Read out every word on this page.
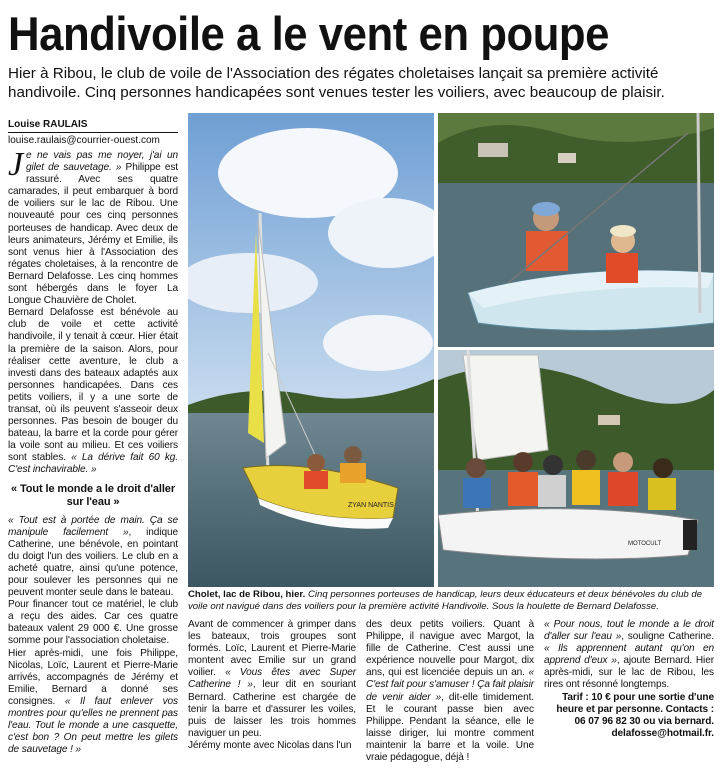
Handivoile a le vent en poupe

Hier à Ribou, le club de voile de l'Association des régates choletaises lançait sa première activité handivoile. Cinq personnes handicapées sont venues tester les voiliers, avec beaucoup de plaisir.

Louise RAULAIS
louise.raulais@courrier-ouest.com

Je ne vais pas me noyer, j'ai un gilet de sauvetage. » Philippe est rassuré. Avec ses quatre camarades, il peut embarquer à bord de voiliers sur le lac de Ribou. Une nouveauté pour ces cinq personnes porteuses de handicap. Avec deux de leurs animateurs, Jérémy et Emilie, ils sont venus hier à l'Association des régates choletaises, à la rencontre de Bernard Delafosse. Les cinq hommes sont hébergés dans le foyer La Longue Chauvière de Cholet.

Bernard Delafosse est bénévole au club de voile et cette activité handivoile, il y tenait à cœur. Hier était la première de la saison. Alors, pour réaliser cette aventure, le club a investi dans des bateaux adaptés aux personnes handicapées. Dans ces petits voiliers, il y a une sorte de transat, où ils peuvent s'asseoir deux personnes. Pas besoin de bouger du bateau, la barre et la corde pour gérer la voile sont au milieu. Et ces voiliers sont stables. « La dérive fait 60 kg. C'est inchavirable. »

« Tout le monde a le droit d'aller sur l'eau »

« Tout est à portée de main. Ça se manipule facilement », indique Catherine, une bénévole, en pointant du doigt l'un des voiliers. Le club en a acheté quatre, ainsi qu'une potence, pour soulever les personnes qui ne peuvent monter seule dans le bateau.

Pour financer tout ce matériel, le club a reçu des aides. Car ces quatre bateaux valent 29 000 €. Une grosse somme pour l'association choletaise.

Hier après-midi, une fois Philippe, Nicolas, Loïc, Laurent et Pierre-Marie arrivés, accompagnés de Jérémy et Emilie, Bernard a donné ses consignes. « Il faut enlever vos montres pour qu'elles ne prennent pas l'eau. Tout le monde a une casquette, c'est bon ? On peut mettre les gilets de sauvetage ! »

ZYAN NANTIS
MOTOCULT
Cholet, lac de Ribou, hier. Cinq personnes porteuses de handicap, leurs deux éducateurs et deux bénévoles du club de voile ont navigué dans des voiliers pour la première activité Handivoile. Sous la houlette de Bernard Delafosse.

Avant de commencer à grimper dans les bateaux, trois groupes sont formés. Loïc, Laurent et Pierre-Marie montent avec Emilie sur un grand voilier. « Vous êtes avec Super Catherine ! », leur dit en souriant Bernard. Catherine est chargée de tenir la barre et d'assurer les voiles, puis de laisser les trois hommes naviguer un peu.

Jérémy monte avec Nicolas dans l'un

des deux petits voiliers. Quant à Philippe, il navigue avec Margot, la fille de Catherine. C'est aussi une expérience nouvelle pour Margot, dix ans, qui est licenciée depuis un an. « C'est fait pour s'amuser ! Ça fait plaisir de venir aider », dit-elle timidement. Et le courant passe bien avec Philippe. Pendant la séance, elle le laisse diriger, lui montre comment maintenir la barre et la voile. Une vraie pédagogue, déjà !

« Pour nous, tout le monde a le droit d'aller sur l'eau », souligne Catherine. « Ils apprennent autant qu'on en apprend d'eux », ajoute Bernard. Hier après-midi, sur le lac de Ribou, les rires ont résonné longtemps.

Tarif : 10 € pour une sortie d'une heure et par personne. Contacts : 06 07 96 82 30 ou via bernard.

delafosse@hotmail.fr.
